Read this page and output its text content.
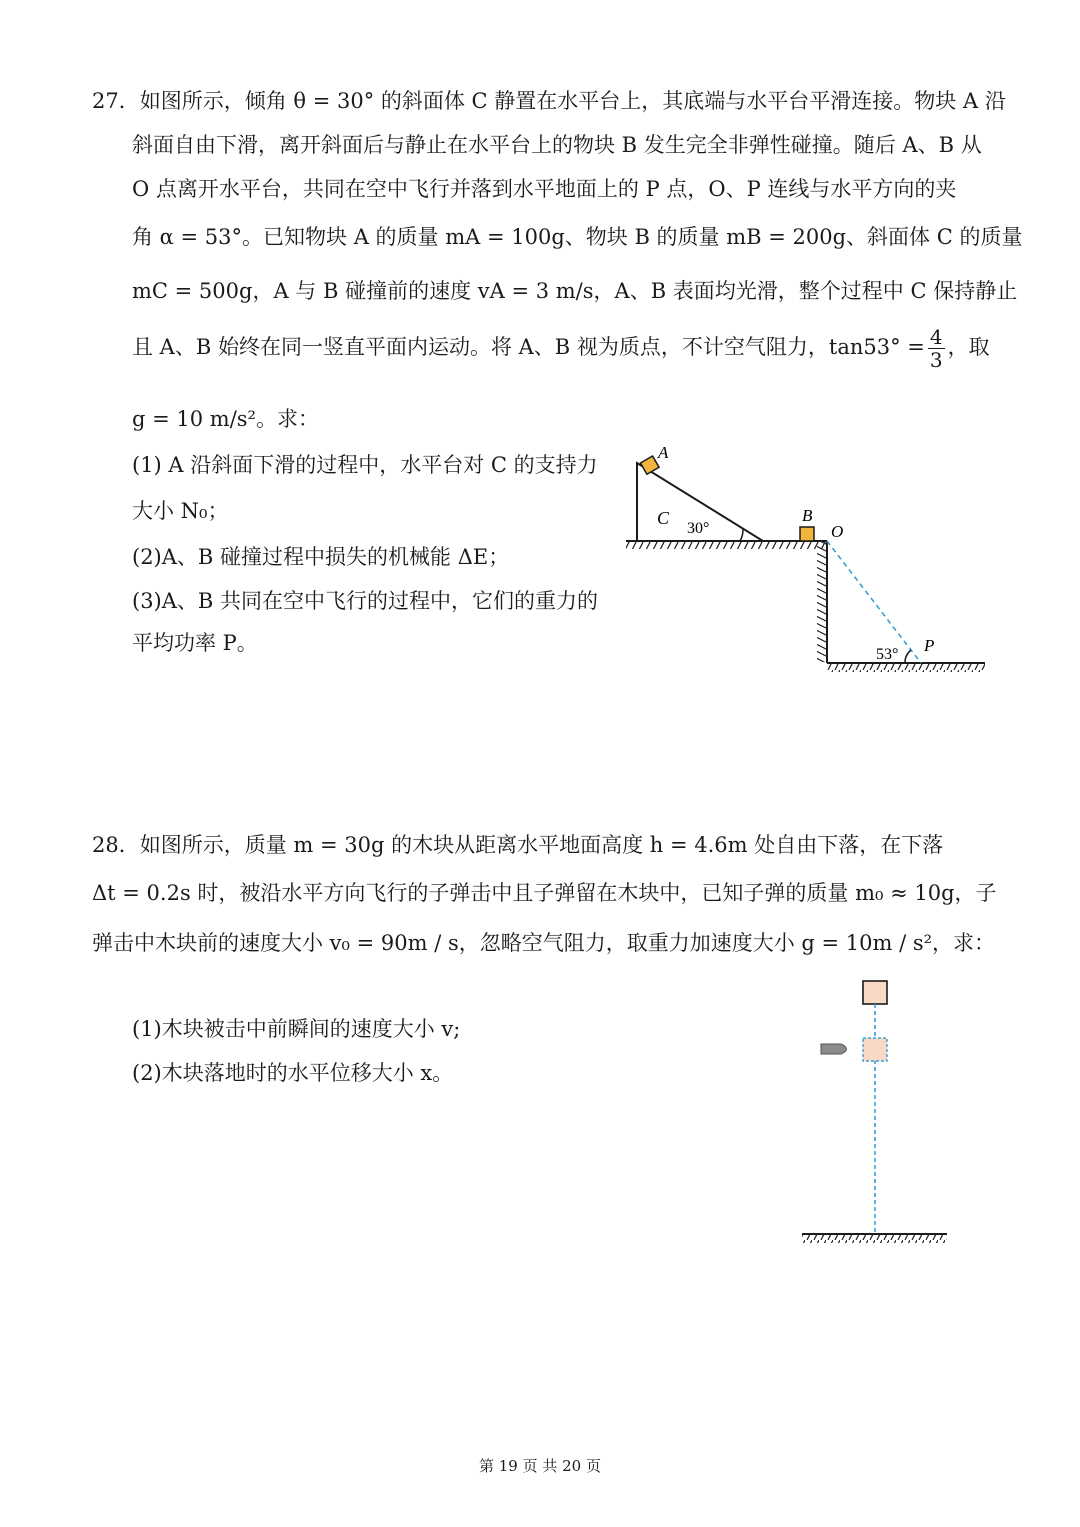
27．如图所示，倾角 θ = 30° 的斜面体 C 静置在水平台上，其底端与水平台平滑连接。物块 A 沿
斜面自由下滑，离开斜面后与静止在水平台上的物块 B 发生完全非弹性碰撞。随后 A、B 从
O 点离开水平台，共同在空中飞行并落到水平地面上的 P 点，O、P 连线与水平方向的夹
角 α = 53°。已知物块 A 的质量 mA = 100g、物块 B 的质量 mB = 200g、斜面体 C 的质量
mC = 500g，A 与 B 碰撞前的速度 vA = 3 m/s，A、B 表面均光滑，整个过程中 C 保持静止
且 A、B 始终在同一竖直平面内运动。将 A、B 视为质点，不计空气阻力，$\tan 53^\circ = \frac{4}{3}$ ，取
g = 10 m/s²。求：
(1) A 沿斜面下滑的过程中，水平台对 C 的支持力
大小 N₀；
(2)A、B 碰撞过程中损失的机械能 ΔE；
(3)A、B 共同在空中飞行的过程中，它们的重力的
平均功率 P。
A
C
30°
B
O
53° P
28．如图所示，质量 m = 30g 的木块从距离水平地面高度 h = 4.6m 处自由下落，在下落
Δt = 0.2s 时，被沿水平方向飞行的子弹击中且子弹留在木块中，已知子弹的质量 m₀ ≈ 10g，子
弹击中木块前的速度大小 v₀ = 90m / s，忽略空气阻力，取重力加速度大小 g = 10m / s²，求：
(1)木块被击中前瞬间的速度大小 v;
(2)木块落地时的水平位移大小 x。
第 19 页 共 20 页
